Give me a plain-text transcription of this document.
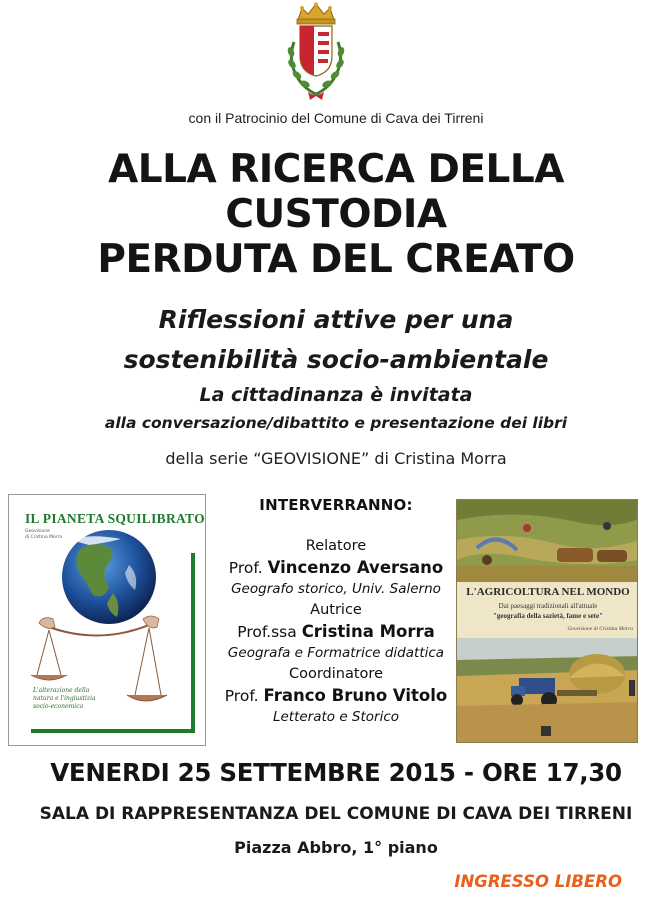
con il Patrocinio del Comune di Cava dei Tirreni
ALLA RICERCA DELLA
CUSTODIA
PERDUTA DEL CREATO
Riflessioni attive per una
sostenibilità socio-ambientale
La cittadinanza è invitata
alla conversazione/dibattito e presentazione dei libri
della serie “GEOVISIONE” di Cristina Morra
IL PIANETA SQUILIBRATO
Geovisione
di Cristina Morra
L'alterazione della
natura e l'ingiustizia
socio-economica
INTERVERRANNO:
Relatore
Prof. Vincenzo Aversano
Geografo storico, Univ. Salerno
Autrice
Prof.ssa Cristina Morra
Geografa e Formatrice didattica
Coordinatore
Prof. Franco Bruno Vitolo
Letterato e Storico
L'AGRICOLTURA NEL MONDO
Dai paesaggi tradizionali all'attuale
"geografia della sazietà, fame e sete"
Geovisione di Cristina Morra
VENERDI 25 SETTEMBRE 2015 - ORE 17,30
SALA DI RAPPRESENTANZA DEL COMUNE DI CAVA DEI TIRRENI
Piazza Abbro, 1° piano
INGRESSO LIBERO
